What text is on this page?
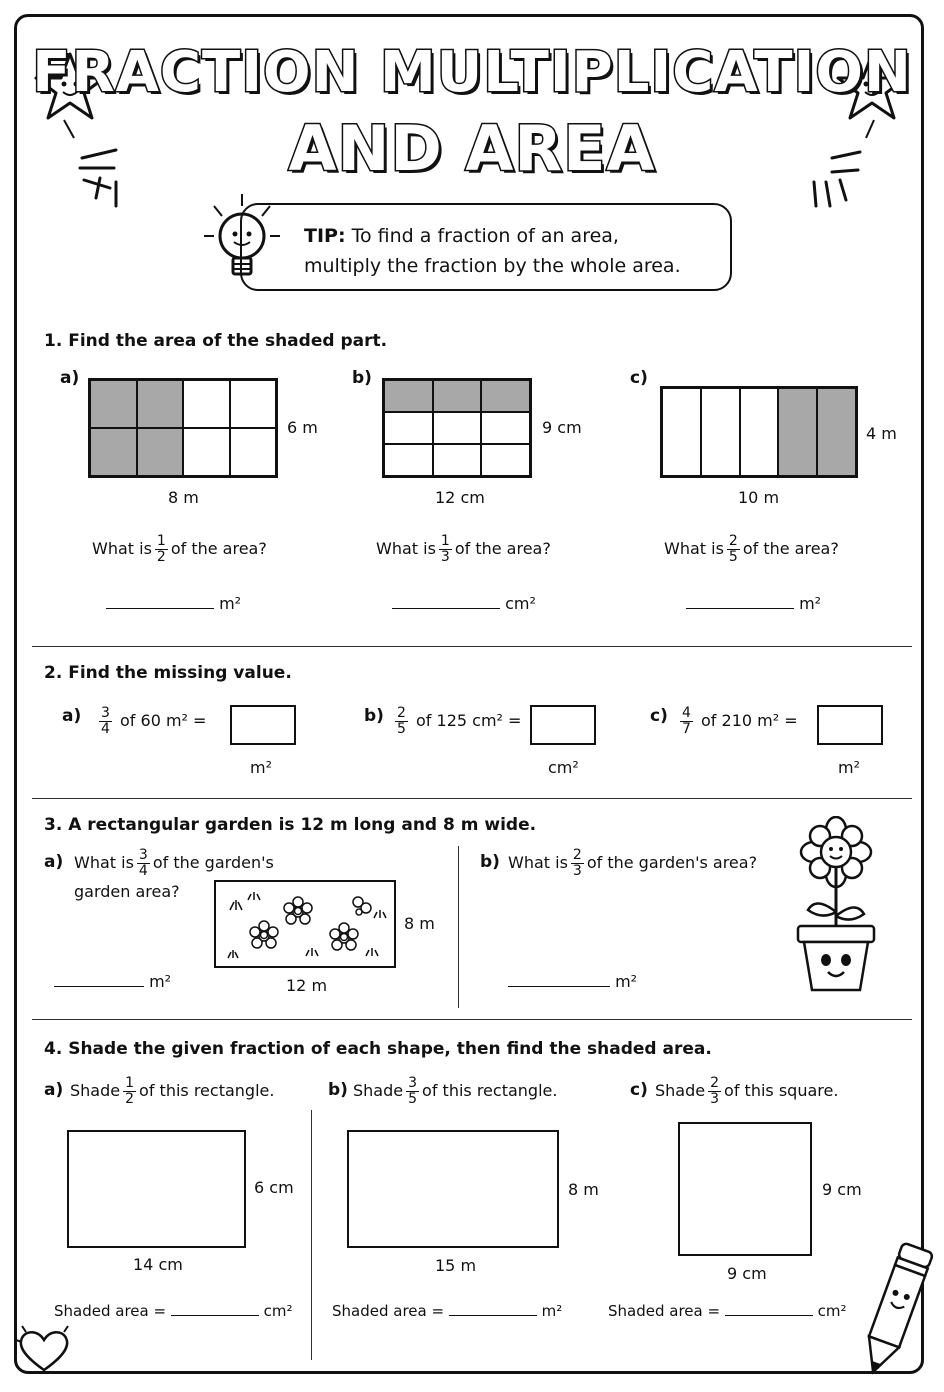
FRACTION MULTIPLICATION
AND AREA
TIP: To find a fraction of an area,
multiply the fraction by the whole area.
1. Find the area of the shaded part.
a)
6 m
8 m
What is $\frac{1}{2}$ of the area?
m²
b)
9 cm
12 cm
What is $\frac{1}{3}$ of the area?
cm²
c)
4 m
10 m
What is $\frac{2}{5}$ of the area?
m²
2. Find the missing value.
$a) \frac{3}{4}$ of 60 m² =
m²
$b) \frac{2}{5}$ of 125 cm² =
cm²
$c) \frac{4}{7}$ of 210 m² =
m²
3. A rectangular garden is 12 m long and 8 m wide.
a) What is $\frac{3}{4}$ of the garden's
garden area?
8 m
12 m
m²
b) What is $\frac{2}{3}$ of the garden's area?
m²
4. Shade the given fraction of each shape, then find the shaded area.
a) Shade $\frac{1}{2}$ of this rectangle.
6 cm
14 cm
Shaded area =	cm²
b) Shade $\frac{3}{5}$ of this rectangle.
8 m
15 m
Shaded area =	m²
c) Shade $\frac{2}{3}$ of this square.
9 cm
9 cm
Shaded area =	cm²
